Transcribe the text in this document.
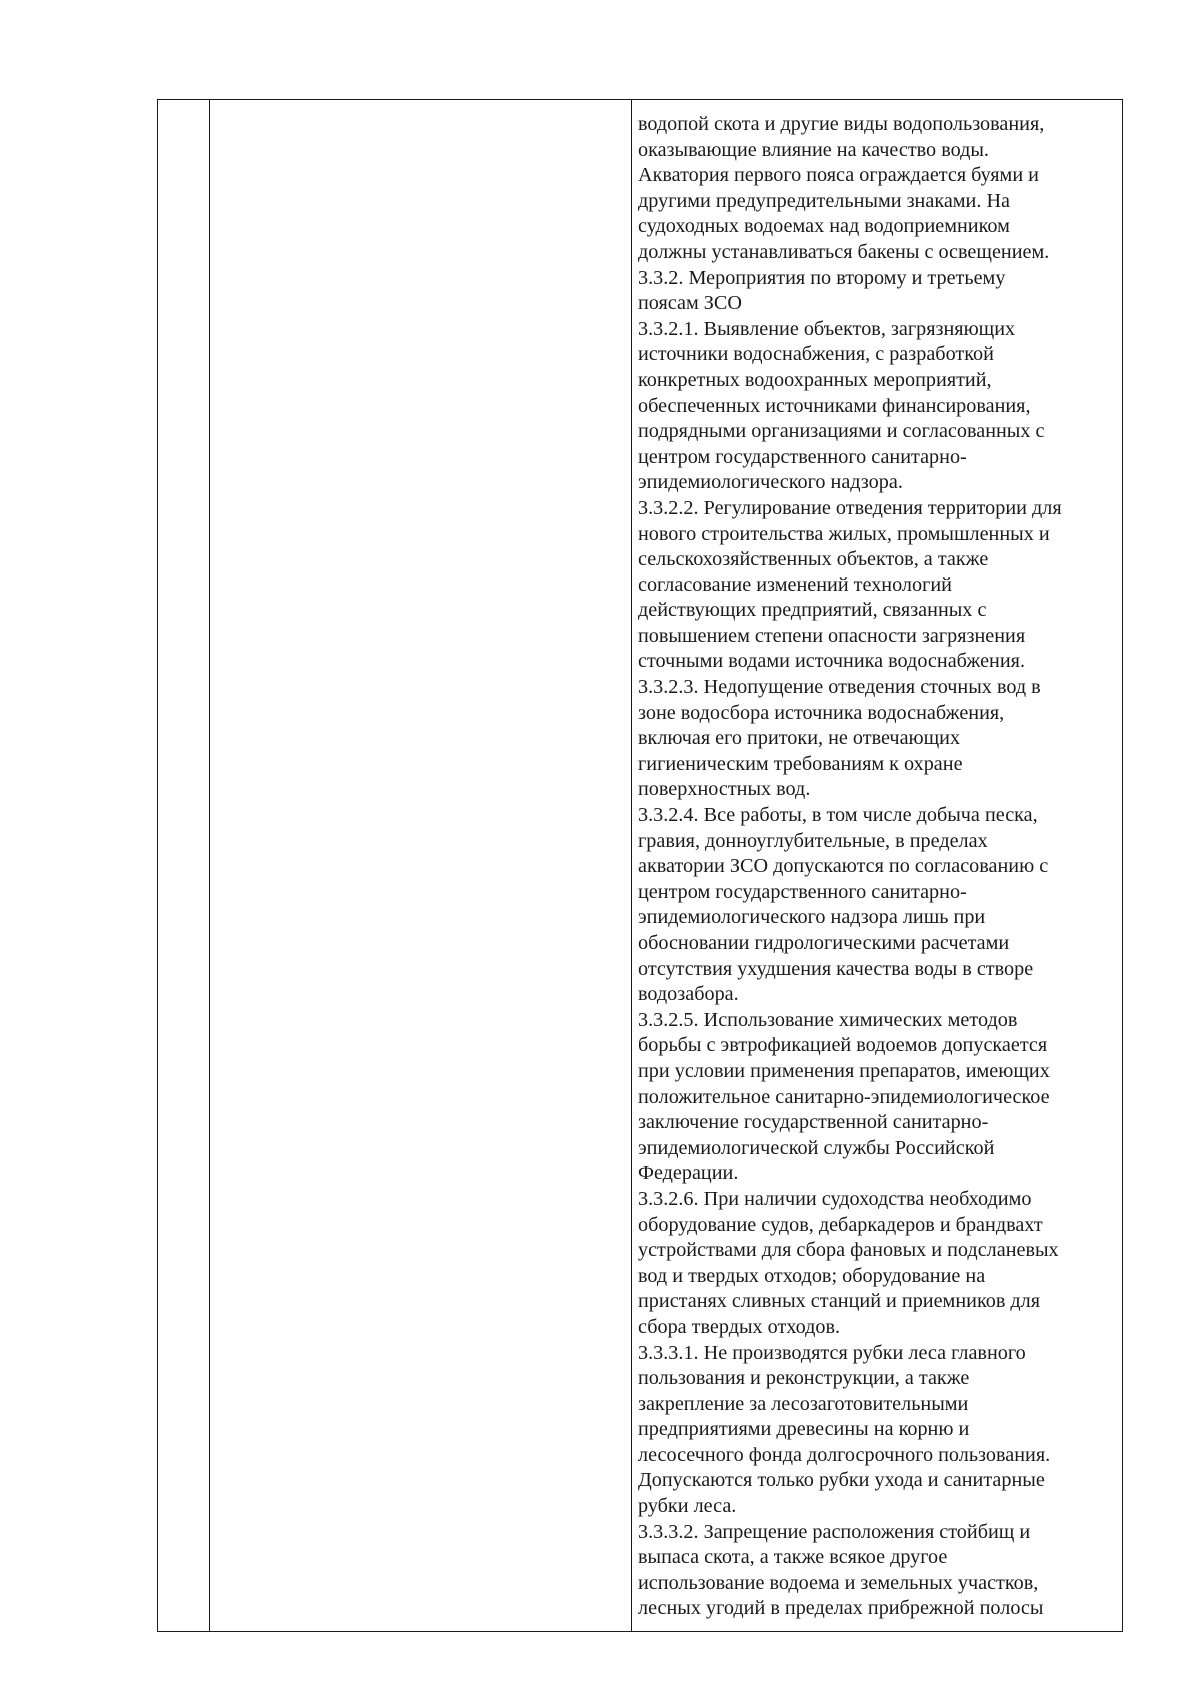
водопой скота и другие виды водопользования,
оказывающие влияние на качество воды.
Акватория первого пояса ограждается буями и
другими предупредительными знаками. На
судоходных водоемах над водоприемником
должны устанавливаться бакены с освещением.
3.3.2. Мероприятия по второму и третьему
поясам ЗСО
3.3.2.1. Выявление объектов, загрязняющих
источники водоснабжения, с разработкой
конкретных водоохранных мероприятий,
обеспеченных источниками финансирования,
подрядными организациями и согласованных с
центром государственного санитарно-
эпидемиологического надзора.
3.3.2.2. Регулирование отведения территории для
нового строительства жилых, промышленных и
сельскохозяйственных объектов, а также
согласование изменений технологий
действующих предприятий, связанных с
повышением степени опасности загрязнения
сточными водами источника водоснабжения.
3.3.2.3. Недопущение отведения сточных вод в
зоне водосбора источника водоснабжения,
включая его притоки, не отвечающих
гигиеническим требованиям к охране
поверхностных вод.
3.3.2.4. Все работы, в том числе добыча песка,
гравия, донноуглубительные, в пределах
акватории ЗСО допускаются по согласованию с
центром государственного санитарно-
эпидемиологического надзора лишь при
обосновании гидрологическими расчетами
отсутствия ухудшения качества воды в створе
водозабора.
3.3.2.5. Использование химических методов
борьбы с эвтрофикацией водоемов допускается
при условии применения препаратов, имеющих
положительное санитарно-эпидемиологическое
заключение государственной санитарно-
эпидемиологической службы Российской
Федерации.
3.3.2.6. При наличии судоходства необходимо
оборудование судов, дебаркадеров и брандвахт
устройствами для сбора фановых и подсланевых
вод и твердых отходов; оборудование на
пристанях сливных станций и приемников для
сбора твердых отходов.
3.3.3.1. Не производятся рубки леса главного
пользования и реконструкции, а также
закрепление за лесозаготовительными
предприятиями древесины на корню и
лесосечного фонда долгосрочного пользования.
Допускаются только рубки ухода и санитарные
рубки леса.
3.3.3.2. Запрещение расположения стойбищ и
выпаса скота, а также всякое другое
использование водоема и земельных участков,
лесных угодий в пределах прибрежной полосы
